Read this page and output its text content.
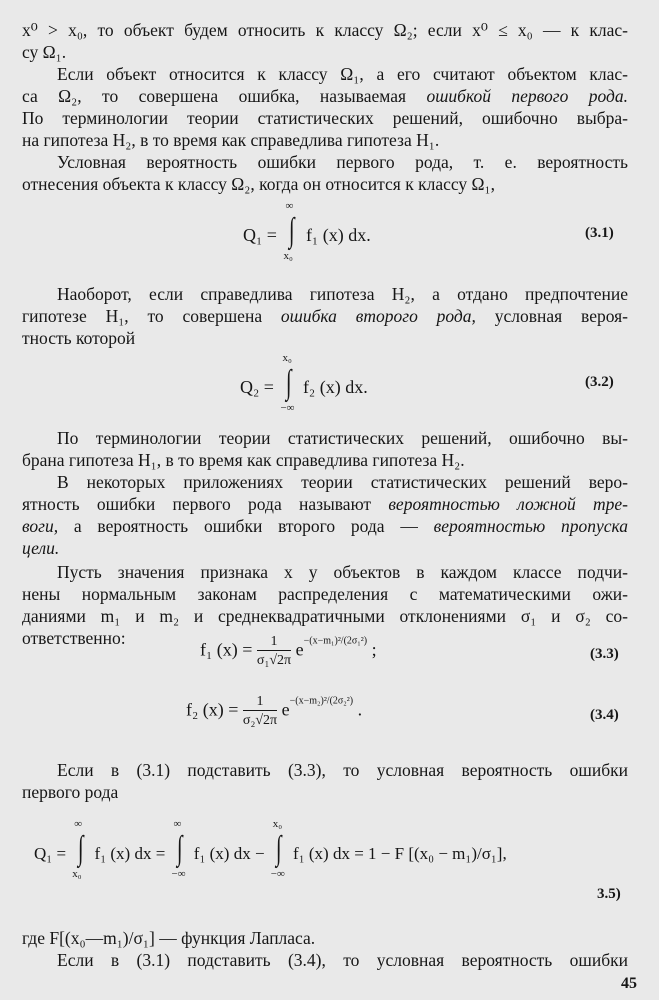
x⁰ > x₀, то объект будем относить к классу Ω₂; если x⁰ ≤ x₀ — к клас-
су Ω₁.
Если объект относится к классу Ω₁, а его считают объектом клас-
са Ω₂, то совершена ошибка, называемая ошибкой первого рода.
По терминологии теории статистических решений, ошибочно выбра-
на гипотеза H₂, в то время как справедлива гипотеза H₁.
Условная вероятность ошибки первого рода, т. е. вероятность
отнесения объекта к классу Ω₂, когда он относится к классу Ω₁,
Q₁ =
∞
∫
x₀
f₁ (x) dx.	(3.1)
Наоборот, если справедлива гипотеза H₂, а отдано предпочтение
гипотезе H₁, то совершена ошибка второго рода, условная вероя-
тность которой
Q₂ =
x₀
∫
−∞
f₂ (x) dx.	(3.2)
По терминологии теории статистических решений, ошибочно вы-
брана гипотеза H₁, в то время как справедлива гипотеза H₂.
В некоторых приложениях теории статистических решений веро-
ятность ошибки первого рода называют вероятностью ложной тре-
воги, а вероятность ошибки второго рода — вероятностью пропуска
цели.
Пусть значения признака x у объектов в каждом классе подчи-
нены нормальным законам распределения с математическими ожи-
даниями m₁ и m₂ и среднеквадратичными отклонениями σ₁ и σ₂ со-
ответственно:
f₁ $(x) = \frac{1}{\text{σ₁√2π}} e^{-(x-m_1)^2/(2\sigma_1^2)}$ ;	(3.3)
f₂ $(x) = \frac{1}{\text{σ₂√2π}} e^{-(x-m_2)^2/(2\sigma_2^2)}$ .	(3.4)
Если в (3.1) подставить (3.3), то условная вероятность ошибки
первого рода
Q₁ =
∞
∫
x₀
f₁ (x) dx =
∞
∫
−∞
f₁ (x) dx −
x₀
∫
−∞
f₁ (x) dx = 1 − F [(x₀ − m₁)/σ₁],
3.5)
где F[(x₀—m₁)/σ₁] — функция Лапласа.
Если в (3.1) подставить (3.4), то условная вероятность ошибки
45
